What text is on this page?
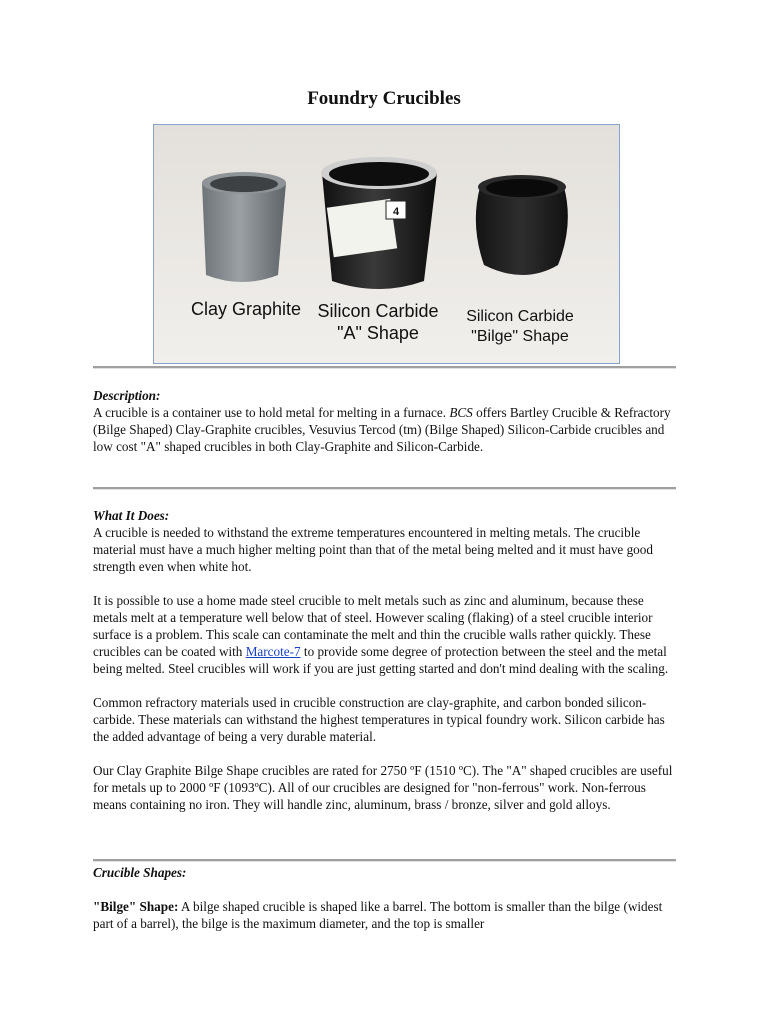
Foundry Crucibles
4
Clay Graphite Silicon Carbide
"A" Shape
Silicon Carbide
"Bilge" Shape
Description:

A crucible is a container use to hold metal for melting in a furnace. BCS offers Bartley Crucible & Refractory (Bilge Shaped) Clay-Graphite crucibles, Vesuvius Tercod (tm) (Bilge Shaped) Silicon-Carbide crucibles and low cost "A" shaped crucibles in both Clay-Graphite and Silicon-Carbide.

What It Does:

A crucible is needed to withstand the extreme temperatures encountered in melting metals. The crucible material must have a much higher melting point than that of the metal being melted and it must have good strength even when white hot.

It is possible to use a home made steel crucible to melt metals such as zinc and aluminum, because these metals melt at a temperature well below that of steel. However scaling (flaking) of a steel crucible interior surface is a problem. This scale can contaminate the melt and thin the crucible walls rather quickly. These crucibles can be coated with Marcote-7 to provide some degree of protection between the steel and the metal being melted. Steel crucibles will work if you are just getting started and don't mind dealing with the scaling.

Common refractory materials used in crucible construction are clay-graphite, and carbon bonded silicon-carbide. These materials can withstand the highest temperatures in typical foundry work. Silicon carbide has the added advantage of being a very durable material.

Our Clay Graphite Bilge Shape crucibles are rated for 2750 ºF (1510 ºC). The "A" shaped crucibles are useful for metals up to 2000 ºF (1093ºC). All of our crucibles are designed for "non-ferrous" work. Non-ferrous means containing no iron. They will handle zinc, aluminum, brass / bronze, silver and gold alloys.

Crucible Shapes:

"Bilge" Shape: A bilge shaped crucible is shaped like a barrel. The bottom is smaller than the bilge (widest part of a barrel), the bilge is the maximum diameter, and the top is smaller
